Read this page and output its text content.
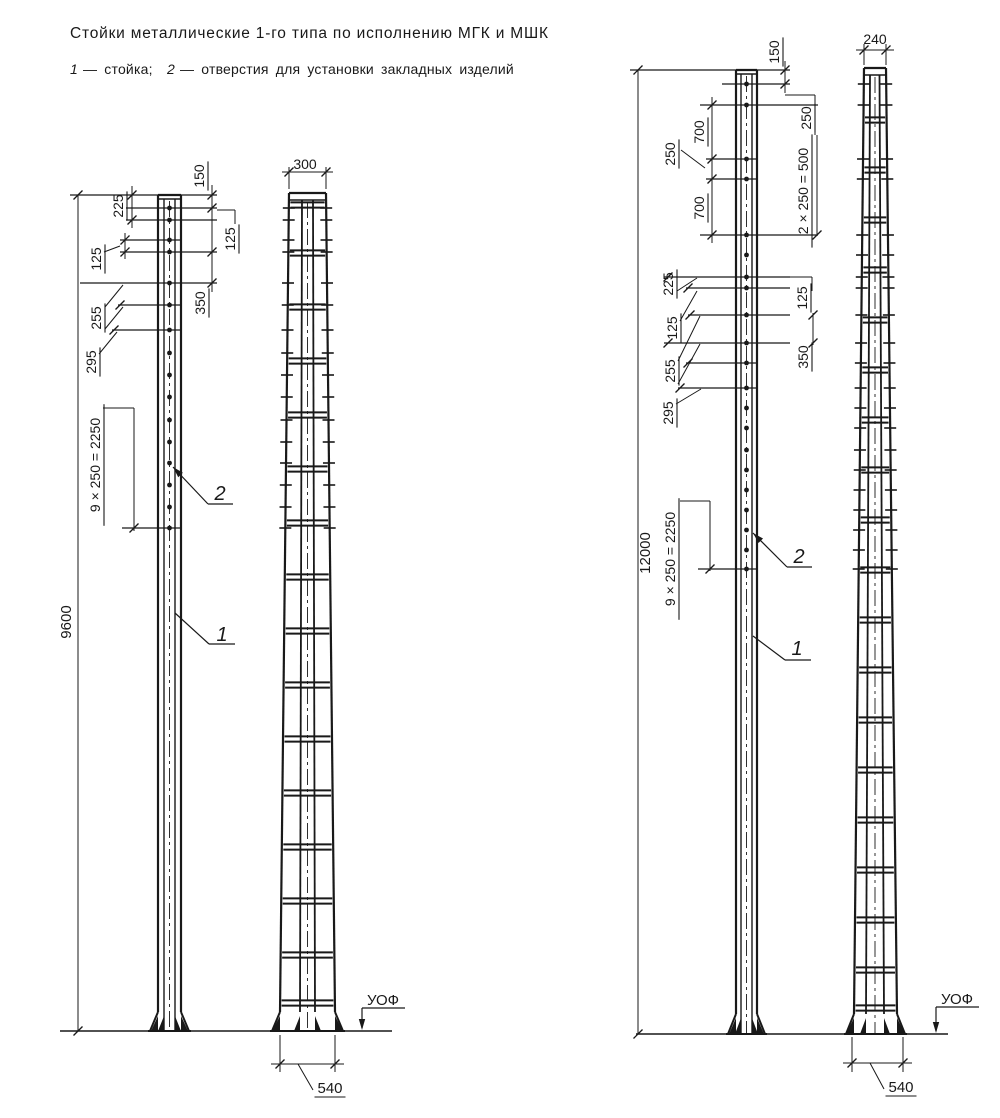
Стойки металлические 1-го типа по исполнению МГК и МШК
1 — стойка; 2 — отверстия для установки закладных изделий
9600
225
125
255
295
9 × 250 = 2250
150
125
350
300
540
УОФ
2
1
12000
150
250
2 × 250 = 500
700
250
700
225
125
255
295
9 × 250 = 2250
125
350
240
540
УОФ
2
1
